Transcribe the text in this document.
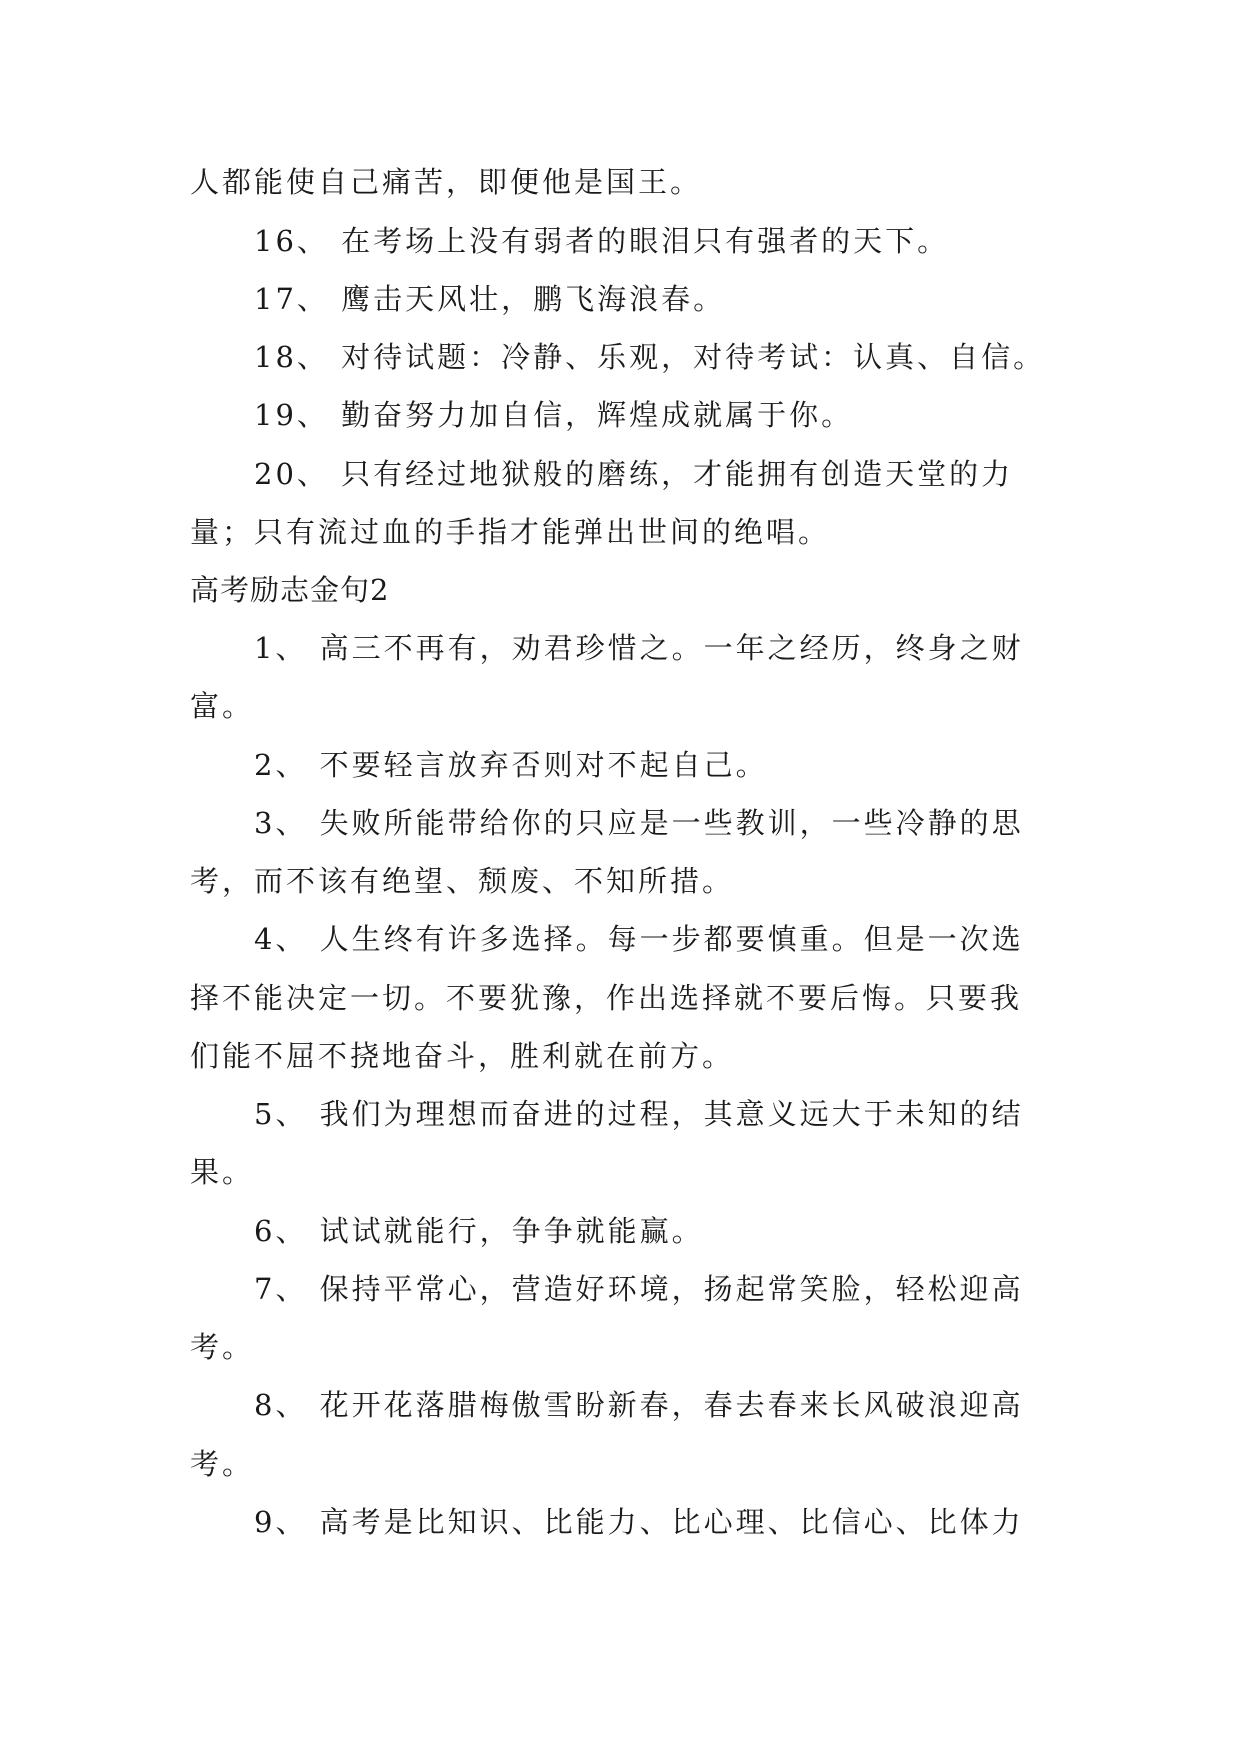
人都能使自己痛苦，即便他是国王。
16、 在考场上没有弱者的眼泪只有强者的天下。
17、 鹰击天风壮，鹏飞海浪春。
18、 对待试题：冷静、乐观，对待考试：认真、自信。
19、 勤奋努力加自信，辉煌成就属于你。
20、 只有经过地狱般的磨练，才能拥有创造天堂的力
量；只有流过血的手指才能弹出世间的绝唱。
高考励志金句2
1、 高三不再有，劝君珍惜之。一年之经历，终身之财
富。
2、 不要轻言放弃否则对不起自己。
3、 失败所能带给你的只应是一些教训，一些冷静的思
考，而不该有绝望、颓废、不知所措。
4、 人生终有许多选择。每一步都要慎重。但是一次选
择不能决定一切。不要犹豫，作出选择就不要后悔。只要我
们能不屈不挠地奋斗，胜利就在前方。
5、 我们为理想而奋进的过程，其意义远大于未知的结
果。
6、 试试就能行，争争就能赢。
7、 保持平常心，营造好环境，扬起常笑脸，轻松迎高
考。
8、 花开花落腊梅傲雪盼新春，春去春来长风破浪迎高
考。
9、 高考是比知识、比能力、比心理、比信心、比体力
